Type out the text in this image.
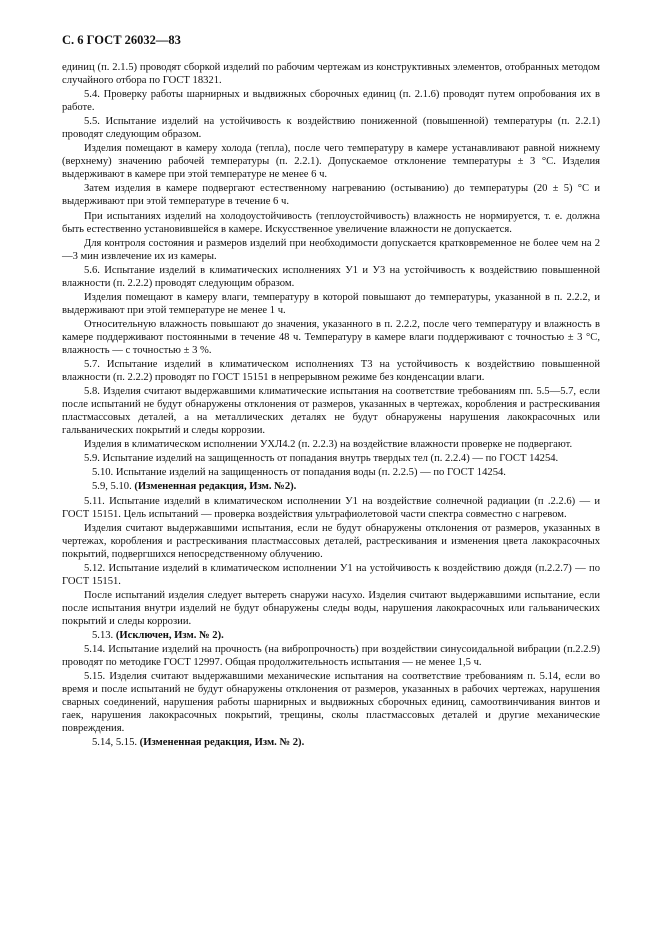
С. 6 ГОСТ 26032—83

единиц (п. 2.1.5) проводят сборкой изделий по рабочим чертежам из конструктивных элементов, отобранных методом случайного отбора по ГОСТ 18321.

5.4. Проверку работы шарнирных и выдвижных сборочных единиц (п. 2.1.6) проводят путем опробования их в работе.

5.5. Испытание изделий на устойчивость к воздействию пониженной (повышенной) температуры (п. 2.2.1) проводят следующим образом.

Изделия помещают в камеру холода (тепла), после чего температуру в камере устанавливают равной нижнему (верхнему) значению рабочей температуры (п. 2.2.1). Допускаемое отклонение температуры ± 3 °С. Изделия выдерживают в камере при этой температуре не менее 6 ч.

Затем изделия в камере подвергают естественному нагреванию (остыванию) до температуры (20 ± 5) °С и выдерживают при этой температуре в течение 6 ч.

При испытаниях изделий на холодоустойчивость (теплоустойчивость) влажность не нормируется, т. е. должна быть естественно установившейся в камере. Искусственное увеличение влажности не допускается.

Для контроля состояния и размеров изделий при необходимости допускается кратковременное не более чем на 2—3 мин извлечение их из камеры.

5.6. Испытание изделий в климатических исполнениях У1 и У3 на устойчивость к воздействию повышенной влажности (п. 2.2.2) проводят следующим образом.

Изделия помещают в камеру влаги, температуру в которой повышают до температуры, указанной в п. 2.2.2, и выдерживают при этой температуре не менее 1 ч.

Относительную влажность повышают до значения, указанного в п. 2.2.2, после чего температуру и влажность в камере поддерживают постоянными в течение 48 ч. Температуру в камере влаги поддерживают с точностью ± 3 °С, влажность — с точностью ± 3 %.

5.7. Испытание изделий в климатическом исполнениях Т3 на устойчивость к воздействию повышенной влажности (п. 2.2.2) проводят по ГОСТ 15151 в непрерывном режиме без конденсации влаги.

5.8. Изделия считают выдержавшими климатические испытания на соответствие требованиям пп. 5.5—5.7, если после испытаний не будут обнаружены отклонения от размеров, указанных в чертежах, коробления и растрескивания пластмассовых деталей, а на металлических деталях не будут обнаружены нарушения лакокрасочных или гальванических покрытий и следы коррозии.

Изделия в климатическом исполнении УХЛ4.2 (п. 2.2.3) на воздействие влажности проверке не подвергают.

5.9. Испытание изделий на защищенность от попадания внутрь твердых тел (п. 2.2.4) — по ГОСТ 14254.

5.10. Испытание изделий на защищенность от попадания воды (п. 2.2.5) — по ГОСТ 14254.

5.9, 5.10. (Измененная редакция, Изм. №2).

5.11. Испытание изделий в климатическом исполнении У1 на воздействие солнечной радиации (п .2.2.6) — и ГОСТ 15151. Цель испытаний — проверка воздействия ультрафиолетовой части спектра совместно с нагревом.

Изделия считают выдержавшими испытания, если не будут обнаружены отклонения от размеров, указанных в чертежах, коробления и растрескивания пластмассовых деталей, растрескивания и изменения цвета лакокрасочных покрытий, подвергшихся непосредственному облучению.

5.12. Испытание изделий в климатическом исполнении У1 на устойчивость к воздействию дождя (п.2.2.7) — по ГОСТ 15151.

После испытаний изделия следует вытереть снаружи насухо. Изделия считают выдержавшими испытание, если после испытания внутри изделий не будут обнаружены следы воды, нарушения лакокрасочных или гальванических покрытий и следы коррозии.

5.13. (Исключен, Изм. № 2).

5.14. Испытание изделий на прочность (на вибропрочность) при воздействии синусоидальной вибрации (п.2.2.9) проводят по методике ГОСТ 12997. Общая продолжительность испытания — не менее 1,5 ч.

5.15. Изделия считают выдержавшими механические испытания на соответствие требованиям п. 5.14, если во время и после испытаний не будут обнаружены отклонения от размеров, указанных в рабочих чертежах, нарушения сварных соединений, нарушения работы шарнирных и выдвижных сборочных единиц, самоотвинчивания винтов и гаек, нарушения лакокрасочных покрытий, трещины, сколы пластмассовых деталей и другие механические повреждения.

5.14, 5.15. (Измененная редакция, Изм. № 2).
